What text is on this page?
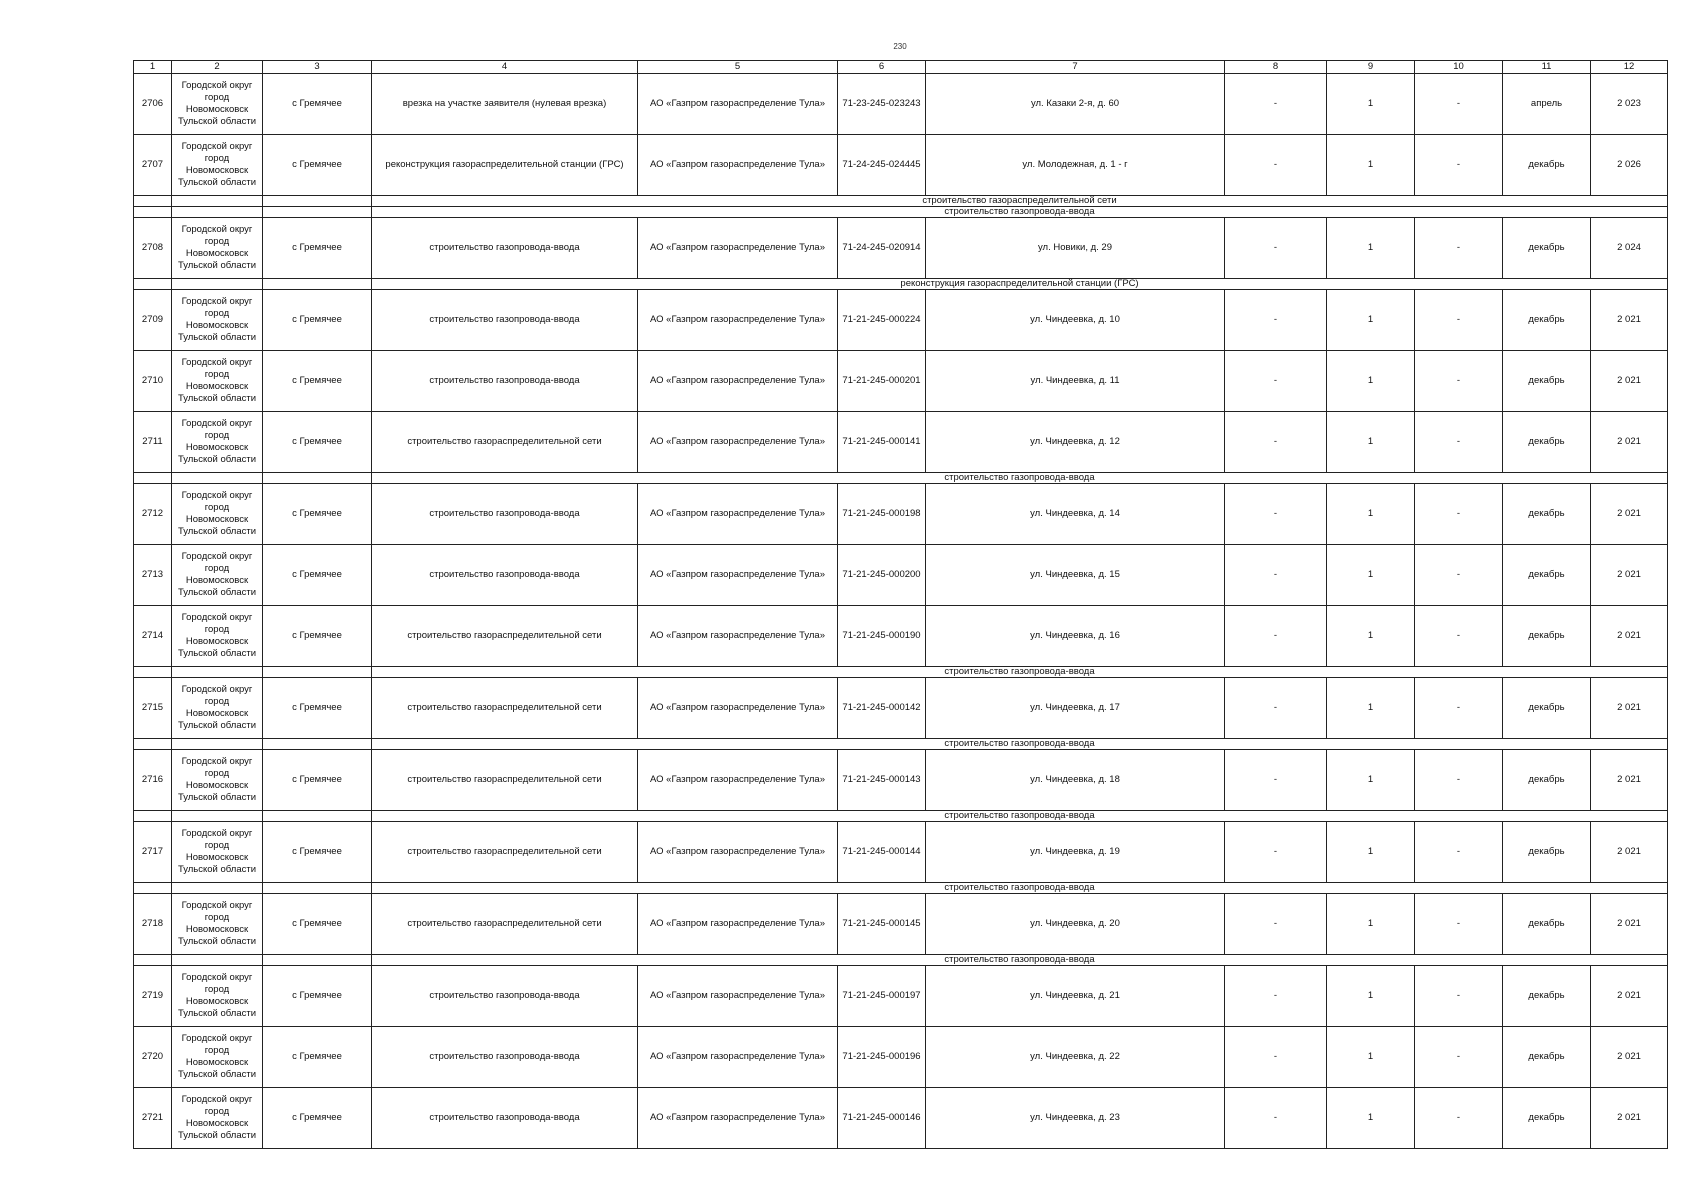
230
1	2	3	4	5	6	7	8	9	10	11	12
2706	Городской округ город Новомосковск Тульской области	с Гремячее	врезка на участке заявителя (нулевая врезка)	АО «Газпром газораспределение Тула»	71-23-245-023243	ул. Казаки 2-я, д. 60	-	1	-	апрель	2 023
2707	Городской округ город Новомосковск Тульской области	с Гремячее	реконструкция газораспределительной станции (ГРС)	АО «Газпром газораспределение Тула»	71-24-245-024445	ул. Молодежная, д. 1 - г	-	1	-	декабрь	2 026
			строительство газораспределительной сети								
			строительство газопровода-ввода								
2708	Городской округ город Новомосковск Тульской области	с Гремячее	строительство газопровода-ввода	АО «Газпром газораспределение Тула»	71-24-245-020914	ул. Новики, д. 29	-	1	-	декабрь	2 024
			реконструкция газораспределительной станции (ГРС)								
2709	Городской округ город Новомосковск Тульской области	с Гремячее	строительство газопровода-ввода	АО «Газпром газораспределение Тула»	71-21-245-000224	ул. Чиндеевка, д. 10	-	1	-	декабрь	2 021
2710	Городской округ город Новомосковск Тульской области	с Гремячее	строительство газопровода-ввода	АО «Газпром газораспределение Тула»	71-21-245-000201	ул. Чиндеевка, д. 11	-	1	-	декабрь	2 021
2711	Городской округ город Новомосковск Тульской области	с Гремячее	строительство газораспределительной сети	АО «Газпром газораспределение Тула»	71-21-245-000141	ул. Чиндеевка, д. 12	-	1	-	декабрь	2 021
			строительство газопровода-ввода								
2712	Городской округ город Новомосковск Тульской области	с Гремячее	строительство газопровода-ввода	АО «Газпром газораспределение Тула»	71-21-245-000198	ул. Чиндеевка, д. 14	-	1	-	декабрь	2 021
2713	Городской округ город Новомосковск Тульской области	с Гремячее	строительство газопровода-ввода	АО «Газпром газораспределение Тула»	71-21-245-000200	ул. Чиндеевка, д. 15	-	1	-	декабрь	2 021
2714	Городской округ город Новомосковск Тульской области	с Гремячее	строительство газораспределительной сети	АО «Газпром газораспределение Тула»	71-21-245-000190	ул. Чиндеевка, д. 16	-	1	-	декабрь	2 021
			строительство газопровода-ввода								
2715	Городской округ город Новомосковск Тульской области	с Гремячее	строительство газораспределительной сети	АО «Газпром газораспределение Тула»	71-21-245-000142	ул. Чиндеевка, д. 17	-	1	-	декабрь	2 021
			строительство газопровода-ввода								
2716	Городской округ город Новомосковск Тульской области	с Гремячее	строительство газораспределительной сети	АО «Газпром газораспределение Тула»	71-21-245-000143	ул. Чиндеевка, д. 18	-	1	-	декабрь	2 021
			строительство газопровода-ввода								
2717	Городской округ город Новомосковск Тульской области	с Гремячее	строительство газораспределительной сети	АО «Газпром газораспределение Тула»	71-21-245-000144	ул. Чиндеевка, д. 19	-	1	-	декабрь	2 021
			строительство газопровода-ввода								
2718	Городской округ город Новомосковск Тульской области	с Гремячее	строительство газораспределительной сети	АО «Газпром газораспределение Тула»	71-21-245-000145	ул. Чиндеевка, д. 20	-	1	-	декабрь	2 021
			строительство газопровода-ввода								
2719	Городской округ город Новомосковск Тульской области	с Гремячее	строительство газопровода-ввода	АО «Газпром газораспределение Тула»	71-21-245-000197	ул. Чиндеевка, д. 21	-	1	-	декабрь	2 021
2720	Городской округ город Новомосковск Тульской области	с Гремячее	строительство газопровода-ввода	АО «Газпром газораспределение Тула»	71-21-245-000196	ул. Чиндеевка, д. 22	-	1	-	декабрь	2 021
2721	Городской округ город Новомосковск Тульской области	с Гремячее	строительство газопровода-ввода	АО «Газпром газораспределение Тула»	71-21-245-000146	ул. Чиндеевка, д. 23	-	1	-	декабрь	2 021
